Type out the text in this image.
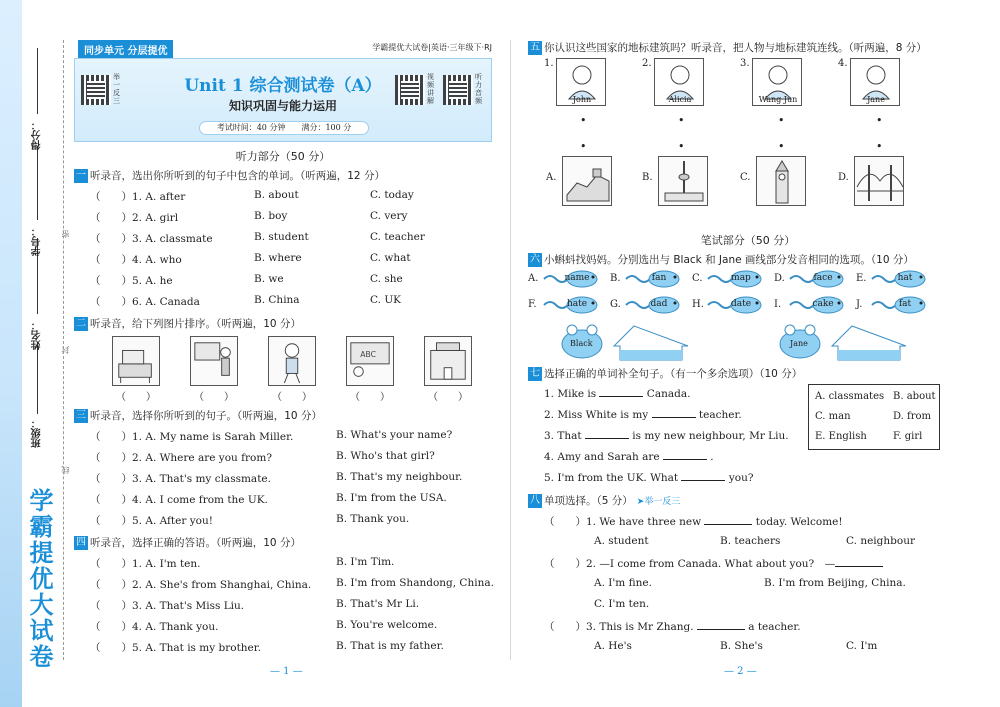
学霸提优大试卷
班级：
姓名：
学号：
得分：
线
封
密
同步单元 分层提优	学霸提优大试卷|英语·三年级下·RJ
举一反三
视频讲解
听力音频
Unit 1 综合测试卷（A）
知识巩固与能力运用
考试时间：40 分钟　　满分：100 分
听力部分（50 分）
一 听录音，选出你所听到的句子中包含的单词。（听两遍，12 分）
（　　）1. A. after	B. about	C. today
（　　）2. A. girl	B. boy	C. very
（　　）3. A. classmate	B. student	C. teacher
（　　）4. A. who	B. where	C. what
（　　）5. A. he	B. we	C. she
（　　）6. A. Canada	B. China	C. UK
二 听录音，给下列图片排序。（听两遍，10 分）
ABC
（　　）	（　　）	（　　）	（　　）	（　　）
三 听录音，选择你所听到的句子。（听两遍，10 分）
（　　）1. A. My name is Sarah Miller.	B. What's your name?
（　　）2. A. Where are you from?	B. Who's that girl?
（　　）3. A. That's my classmate.	B. That's my neighbour.
（　　）4. A. I come from the UK.	B. I'm from the USA.
（　　）5. A. After you!	B. Thank you.
四 听录音，选择正确的答语。（听两遍，10 分）
（　　）1. A. I'm ten.	B. I'm Tim.
（　　）2. A. She's from Shanghai, China. B. I'm from Shandong, China.
（　　）3. A. That's Miss Liu.	B. That's Mr Li.
（　　）4. A. Thank you.	B. You're welcome.
（　　）5. A. That is my brother.	B. That is my father.
— 1 —
五 你认识这些国家的地标建筑吗？听录音，把人物与地标建筑连线。（听两遍，8 分）
1.
John
2.
Alicia
3.
Wang Jun
4.
Jane
•	•	•	•
•	•	•	•
A.	B.	C.	D.
笔试部分（50 分）
六 小蝌蚪找妈妈。分别选出与 Black 和 Jane 画线部分发音相同的选项。（10 分）
A.	name	B.	fan	C.	map	D.	face	E.	hat
F.	hate	G.	dad	H.	date	I.	cake	J.	fat
Black	Jane
七 选择正确的单词补全句子。（有一个多余选项）（10 分）
1. Mike is	Canada.
2. Miss White is my	teacher.
3. That	is my new neighbour, Mr Liu.
4. Amy and Sarah are	.
5. I'm from the UK. What	you?
A. classmates B. about
C. man	D. from
E. English	F. girl
八 单项选择。（5 分） ➤举一反三
（　　）1. We have three new	today. Welcome!
A. student	B. teachers	C. neighbour
（　　）2. —I come from Canada. What about you?　—
A. I'm fine.	B. I'm from Beijing, China.
C. I'm ten.
（　　）3. This is Mr Zhang.	a teacher.
A. He's	B. She's	C. I'm
— 2 —
